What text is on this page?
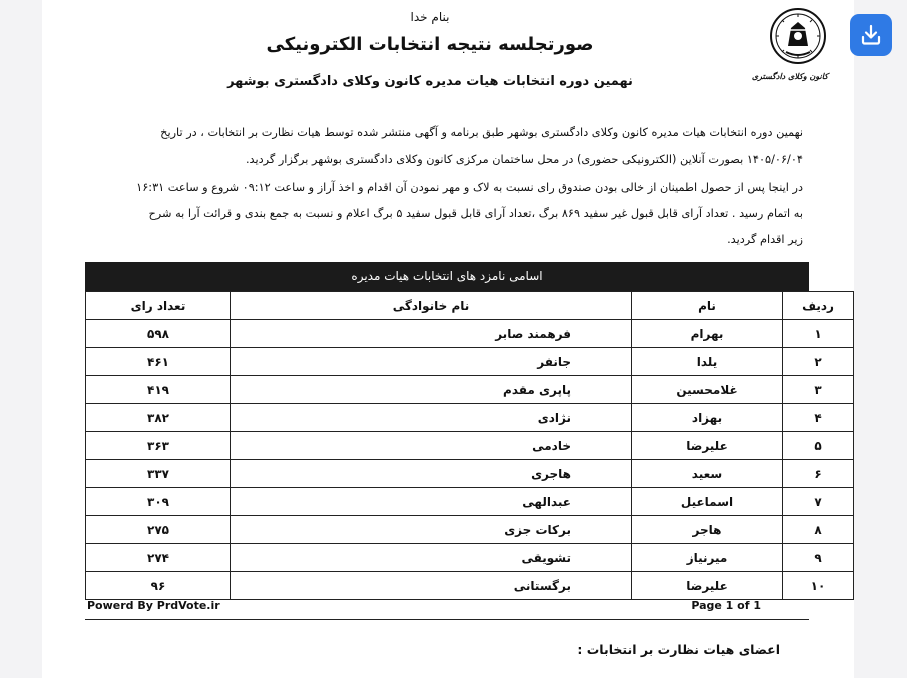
کانون وکلای دادگستری
بنام خدا
صورتجلسه نتیجه انتخابات الکترونیکی
نهمین دوره انتخابات هیات مدیره کانون وکلای دادگستری بوشهر
نهمین دوره انتخابات هیات مدیره کانون وکلای دادگستری بوشهر طبق برنامه و آگهی منتشر شده توسط هیات نظارت بر انتخابات ، در تاریخ
۱۴۰۵/۰۶/۰۴ بصورت آنلاین (الکترونیکی حضوری) در محل ساختمان مرکزی کانون وکلای دادگستری بوشهر برگزار گردید.
در اینجا پس از حصول اطمینان از خالی بودن صندوق رای نسبت به لاک و مهر نمودن آن اقدام و اخذ آراز و ساعت ۰۹:۱۲ شروع و ساعت ۱۶:۳۱
به اتمام رسید . تعداد آرای قابل قبول غیر سفید ۸۶۹ برگ ،تعداد آرای قابل قبول سفید ۵ برگ اعلام و نسبت به جمع بندی و قرائت آرا به شرح
زیر اقدام گردید.
اسامی نامزد های انتخابات هیات مدیره
ردیف	نام	نام خانوادگی	تعداد رای
۱	بهرام	فرهمند صابر	۵۹۸
۲	یلدا	جانفر	۴۶۱
۳	غلامحسین	پاپری مقدم	۴۱۹
۴	بهزاد	نژادی	۳۸۲
۵	علیرضا	خادمی	۳۶۳
۶	سعید	هاجری	۳۳۷
۷	اسماعیل	عبدالهی	۳۰۹
۸	هاجر	برکات جزی	۲۷۵
۹	میرنیاز	تشویقی	۲۷۴
۱۰	علیرضا	برگستانی	۹۶
Powerd By PrdVote.ir	Page 1 of 1
اعضای هیات نظارت بر انتخابات :
